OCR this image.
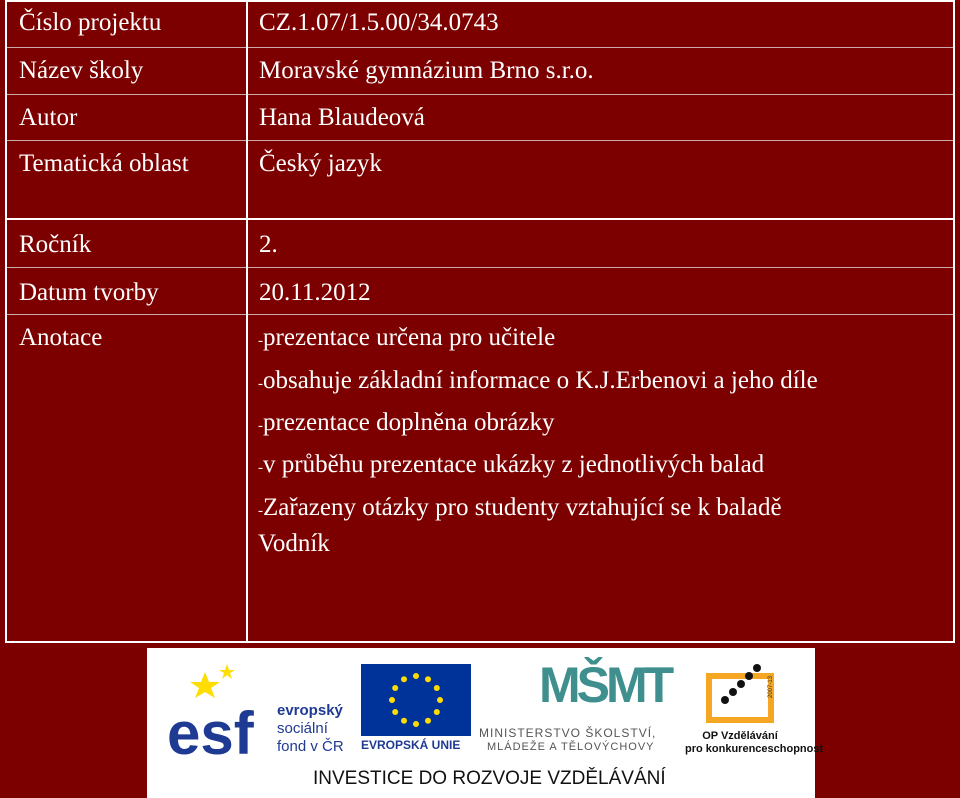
Číslo projektu	CZ.1.07/1.5.00/34.0743
Název školy	Moravské gymnázium Brno s.r.o.
Autor	Hana Blaudeová
Tematická oblast	Český jazyk
Ročník	2.
Datum tvorby	20.11.2012
Anotace	-prezentace určena pro učitele
-obsahuje základní informace o K.J.Erbenovi a jeho díle
-prezentace doplněna obrázky
-v průběhu prezentace ukázky z jednotlivých balad
-Zařazeny otázky pro studenty vztahující se k baladě
Vodník
esf evropský
sociální
fond v ČR EVROPSKÁ UNIE
MŠMT
MINISTERSTVO ŠKOLSTVÍ,
MLÁDEŽE A TĚLOVÝCHOVY
2007-13
OP Vzdělávání
pro konkurenceschopnost
INVESTICE DO ROZVOJE VZDĚLÁVÁNÍ
